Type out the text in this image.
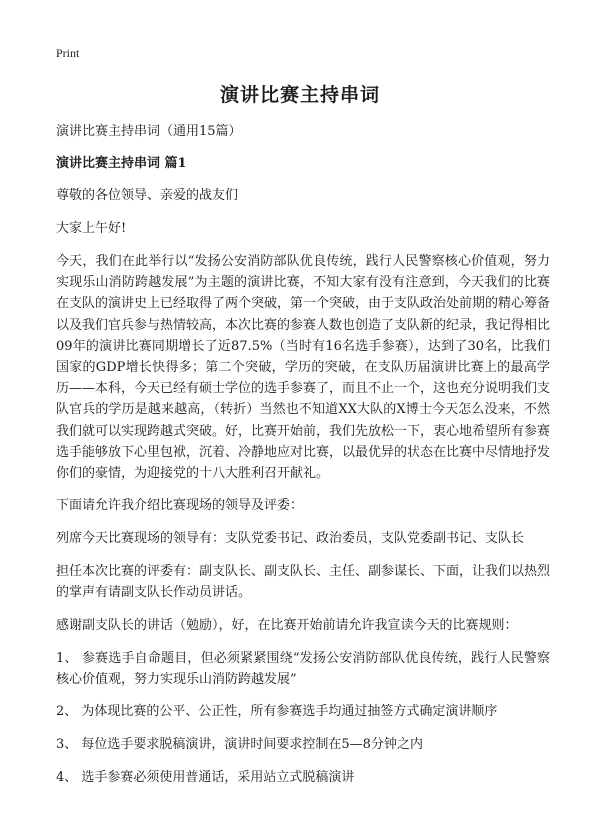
Print
演讲比赛主持串词

演讲比赛主持串词（通用15篇）

演讲比赛主持串词 篇1

尊敬的各位领导、亲爱的战友们

大家上午好!

今天，我们在此举行以“发扬公安消防部队优良传统，践行人民警察核心价值观，努力实现乐山消防跨越发展”为主题的演讲比赛，不知大家有没有注意到，今天我们的比赛在支队的演讲史上已经取得了两个突破，第一个突破，由于支队政治处前期的精心筹备以及我们官兵参与热情较高，本次比赛的参赛人数也创造了支队新的纪录，我记得相比09年的演讲比赛同期增长了近87.5%（当时有16名选手参赛），达到了30名，比我们国家的GDP增长快得多；第二个突破，学历的突破，在支队历届演讲比赛上的最高学历——本科，今天已经有硕士学位的选手参赛了，而且不止一个，这也充分说明我们支队官兵的学历是越来越高，（转折）当然也不知道XX大队的X博士今天怎么没来，不然我们就可以实现跨越式突破。好，比赛开始前，我们先放松一下，衷心地希望所有参赛选手能够放下心里包袱，沉着、冷静地应对比赛，以最优异的状态在比赛中尽情地抒发你们的豪情，为迎接党的十八大胜利召开献礼。

下面请允许我介绍比赛现场的领导及评委：

列席今天比赛现场的领导有：支队党委书记、政治委员，支队党委副书记、支队长

担任本次比赛的评委有：副支队长、副支队长、主任、副参谋长、下面，让我们以热烈的掌声有请副支队长作动员讲话。

感谢副支队长的讲话（勉励），好，在比赛开始前请允许我宣读今天的比赛规则：

1、 参赛选手自命题目，但必须紧紧围绕“发扬公安消防部队优良传统，践行人民警察核心价值观，努力实现乐山消防跨越发展”

2、 为体现比赛的公平、公正性，所有参赛选手均通过抽签方式确定演讲顺序

3、 每位选手要求脱稿演讲，演讲时间要求控制在5—8分钟之内

4、 选手参赛必须使用普通话，采用站立式脱稿演讲
